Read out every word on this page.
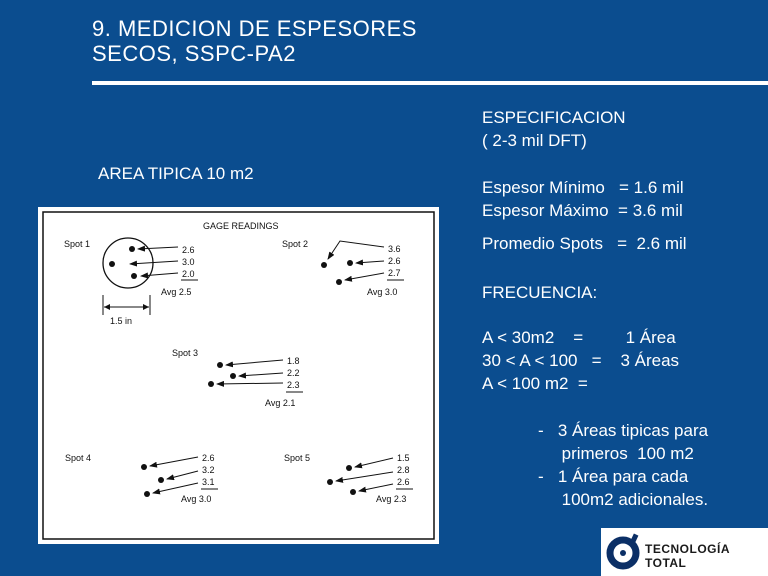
9. MEDICION DE ESPESORES
SECOS, SSPC-PA2
AREA TIPICA 10 m2
ESPECIFICACION
( 2-3 mil DFT)
Espesor Mínimo   = 1.6 mil
Espesor Máximo  = 3.6 mil
Promedio Spots   =  2.6 mil
FRECUENCIA:
A < 30m2    =         1 Área
30 < A < 100   =    3 Áreas
A < 100 m2  =
-   3 Áreas tipicas para
primeros  100 m2
-   1 Área para cada
100m2 adicionales.
GAGE READINGS
Spot 1
2.6
3.0
2.0
Avg 2.5
1.5 in
Spot 2	3.6
2.6
2.7
Avg 3.0
Spot 3
1.8
2.2
2.3
Avg 2.1
Spot 4	2.6
3.2
3.1
Avg 3.0
Spot 5	1.5
2.8
2.6
Avg 2.3
TECNOLOGÍA TOTAL
